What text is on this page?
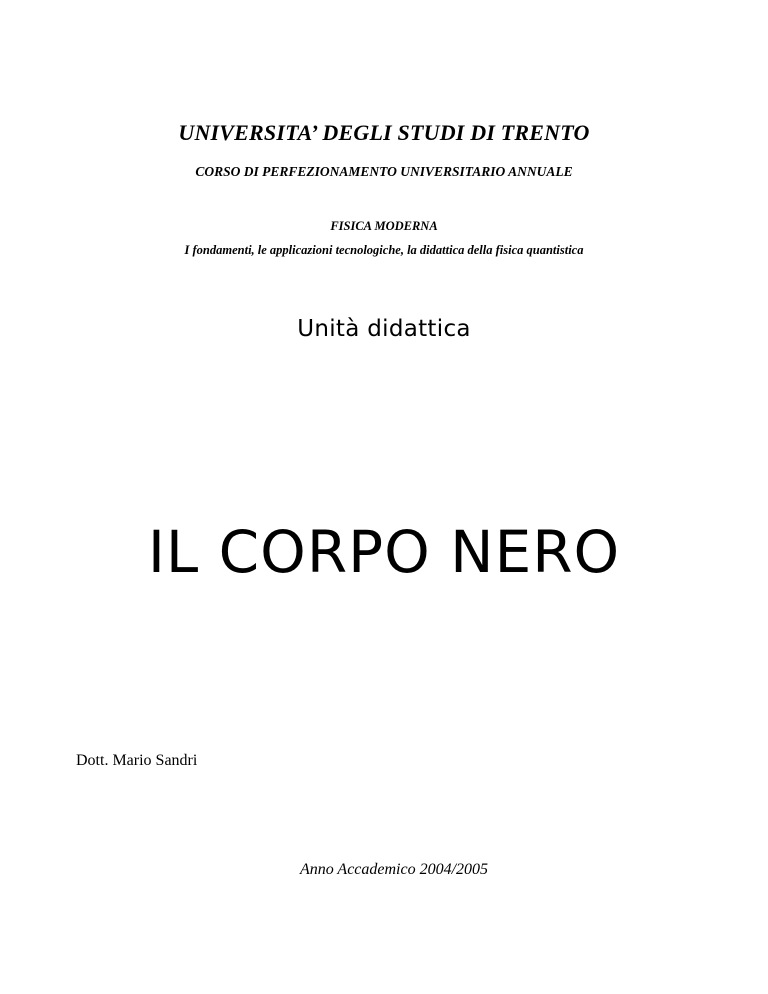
UNIVERSITA’ DEGLI STUDI DI TRENTO
CORSO DI PERFEZIONAMENTO UNIVERSITARIO ANNUALE
FISICA MODERNA
I fondamenti, le applicazioni tecnologiche, la didattica della fisica quantistica
Unità didattica
IL CORPO NERO
Dott. Mario Sandri
Anno Accademico 2004/2005
